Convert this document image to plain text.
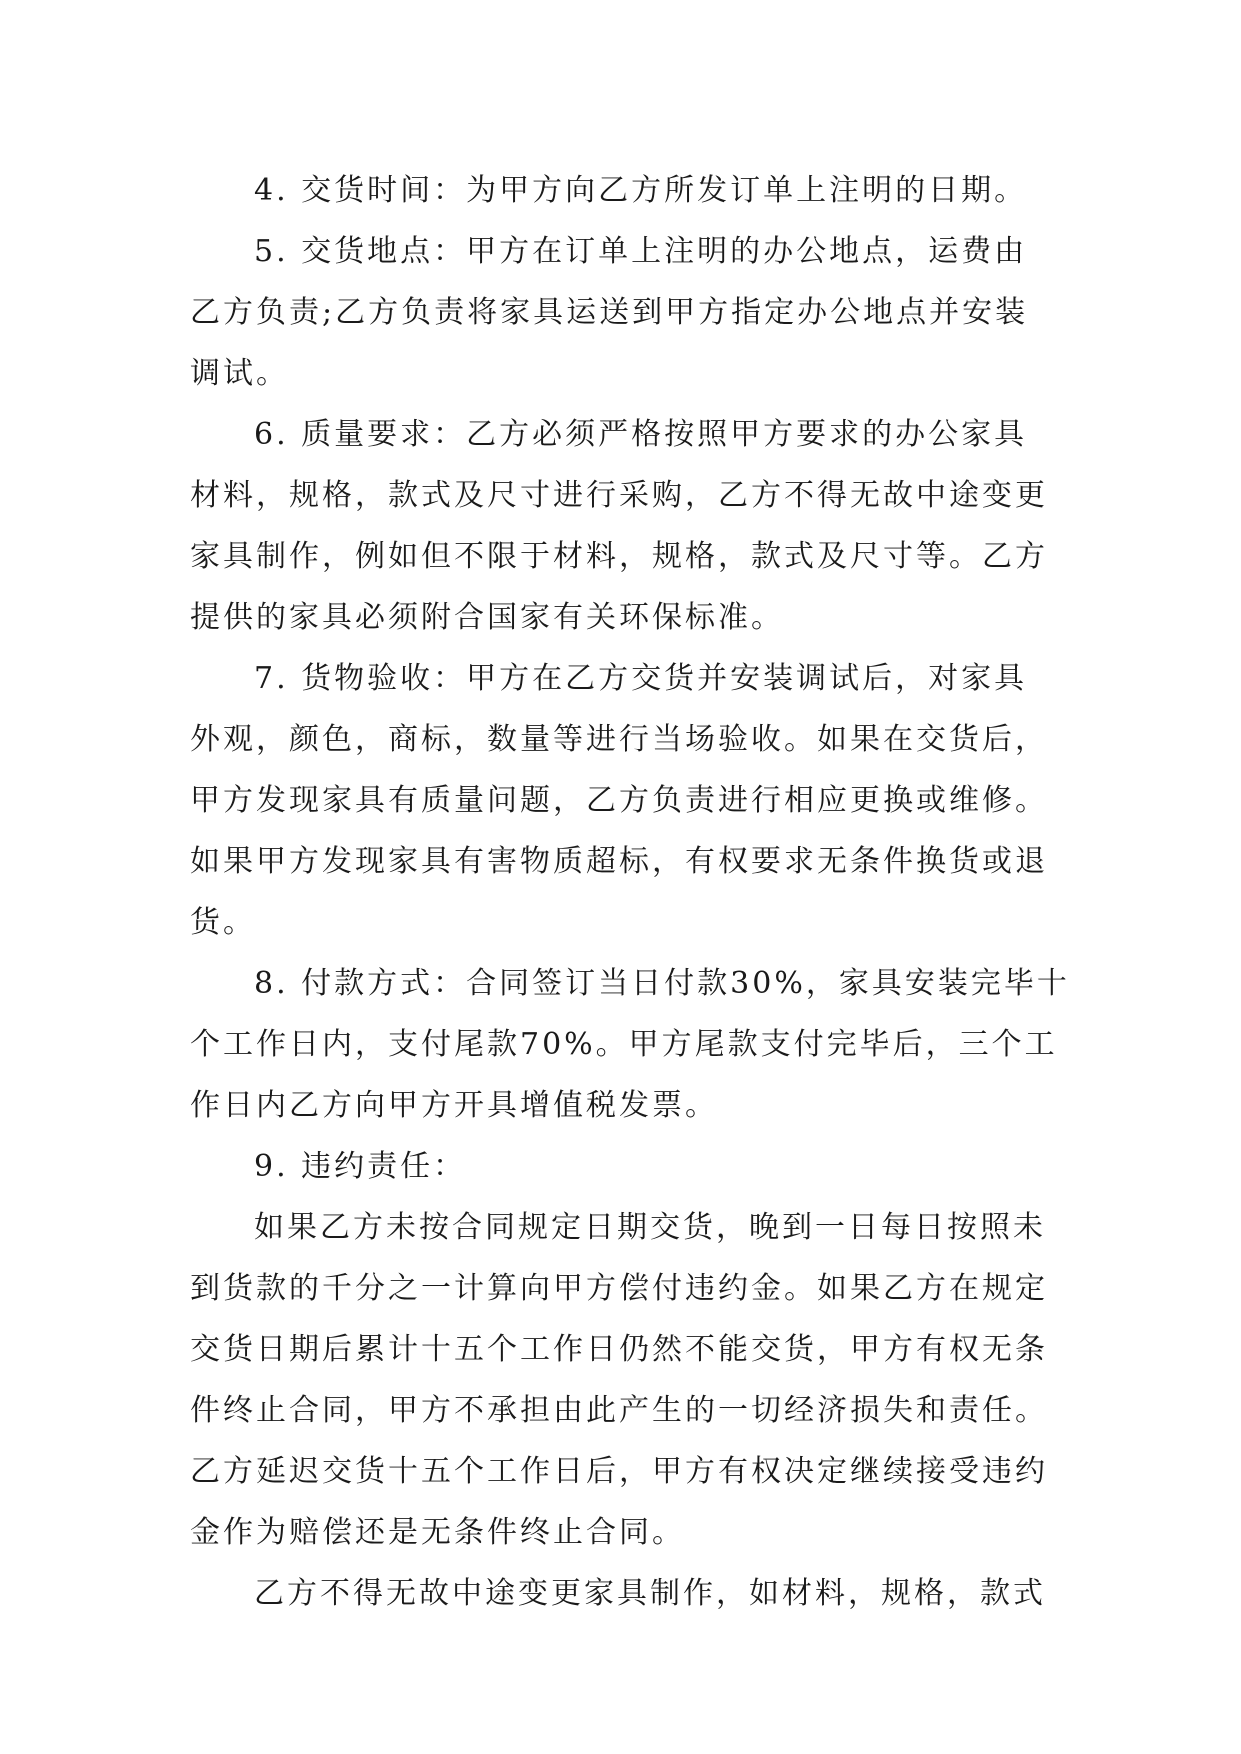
4. 交货时间：为甲方向乙方所发订单上注明的日期。
5. 交货地点：甲方在订单上注明的办公地点，运费由
乙方负责;乙方负责将家具运送到甲方指定办公地点并安装
调试。
6. 质量要求：乙方必须严格按照甲方要求的办公家具
材料，规格，款式及尺寸进行采购，乙方不得无故中途变更
家具制作，例如但不限于材料，规格，款式及尺寸等。乙方
提供的家具必须附合国家有关环保标准。
7. 货物验收：甲方在乙方交货并安装调试后，对家具
外观，颜色，商标，数量等进行当场验收。如果在交货后，
甲方发现家具有质量问题，乙方负责进行相应更换或维修。
如果甲方发现家具有害物质超标，有权要求无条件换货或退
货。
8. 付款方式：合同签订当日付款30%，家具安装完毕十
个工作日内，支付尾款70%。甲方尾款支付完毕后，三个工
作日内乙方向甲方开具增值税发票。
9. 违约责任：
如果乙方未按合同规定日期交货，晚到一日每日按照未
到货款的千分之一计算向甲方偿付违约金。如果乙方在规定
交货日期后累计十五个工作日仍然不能交货，甲方有权无条
件终止合同，甲方不承担由此产生的一切经济损失和责任。
乙方延迟交货十五个工作日后，甲方有权决定继续接受违约
金作为赔偿还是无条件终止合同。
乙方不得无故中途变更家具制作，如材料，规格，款式
